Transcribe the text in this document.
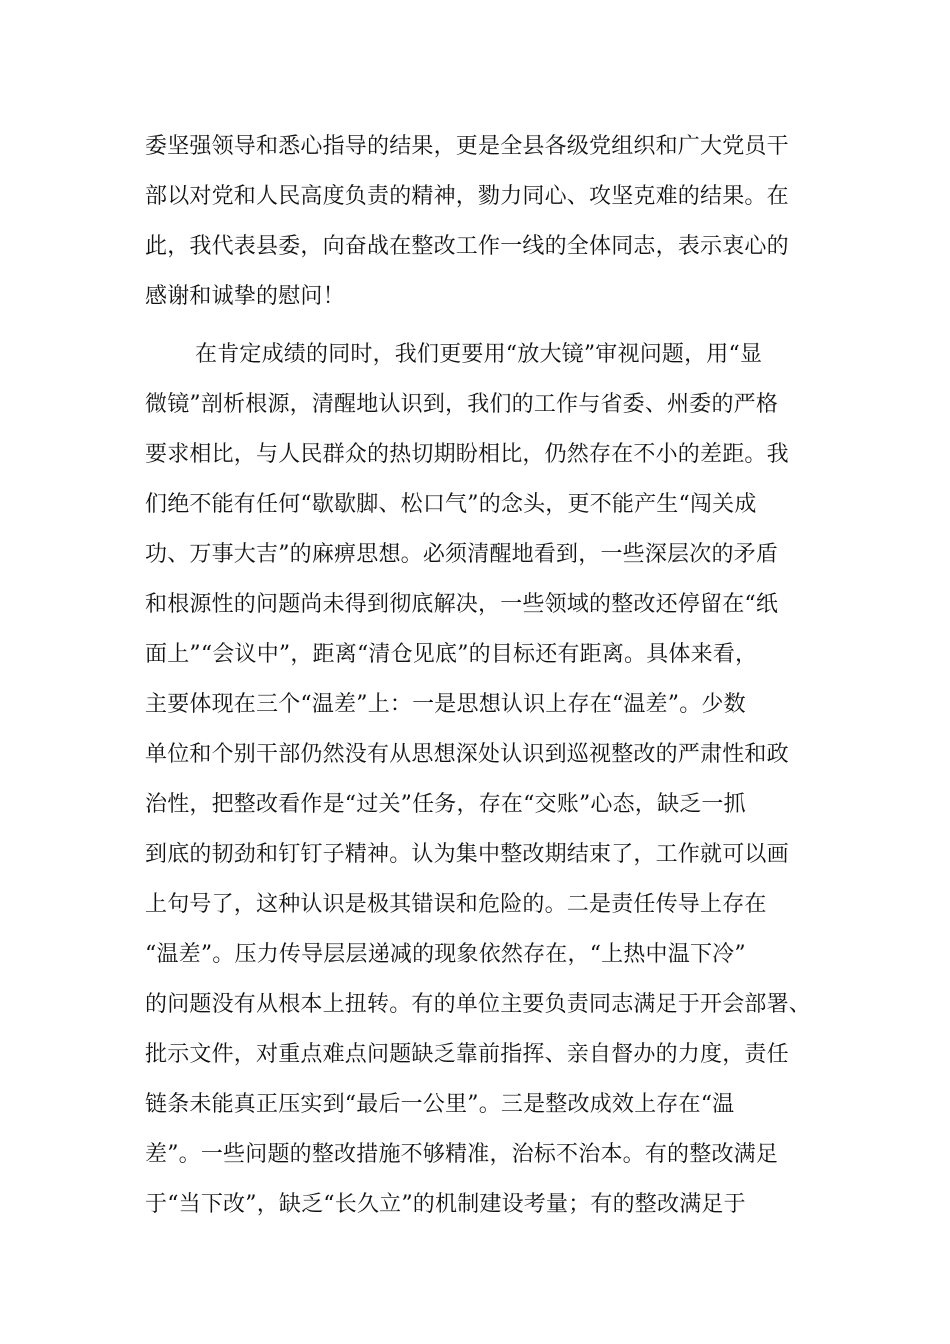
委坚强领导和悉心指导的结果，更是全县各级党组织和广大党员干
部以对党和人民高度负责的精神，勠力同心、攻坚克难的结果。在
此，我代表县委，向奋战在整改工作一线的全体同志，表示衷心的
感谢和诚挚的慰问！
在肯定成绩的同时，我们更要用“放大镜”审视问题，用“显
微镜”剖析根源，清醒地认识到，我们的工作与省委、州委的严格
要求相比，与人民群众的热切期盼相比，仍然存在不小的差距。我
们绝不能有任何“歇歇脚、松口气”的念头，更不能产生“闯关成
功、万事大吉”的麻痹思想。必须清醒地看到，一些深层次的矛盾
和根源性的问题尚未得到彻底解决，一些领域的整改还停留在“纸
面上”“会议中”，距离“清仓见底”的目标还有距离。具体来看，
主要体现在三个“温差”上：一是思想认识上存在“温差”。少数
单位和个别干部仍然没有从思想深处认识到巡视整改的严肃性和政
治性，把整改看作是“过关”任务，存在“交账”心态，缺乏一抓
到底的韧劲和钉钉子精神。认为集中整改期结束了，工作就可以画
上句号了，这种认识是极其错误和危险的。二是责任传导上存在
“温差”。压力传导层层递减的现象依然存在，“上热中温下冷”
的问题没有从根本上扭转。有的单位主要负责同志满足于开会部署、
批示文件，对重点难点问题缺乏靠前指挥、亲自督办的力度，责任
链条未能真正压实到“最后一公里”。三是整改成效上存在“温
差”。一些问题的整改措施不够精准，治标不治本。有的整改满足
于“当下改”，缺乏“长久立”的机制建设考量；有的整改满足于
